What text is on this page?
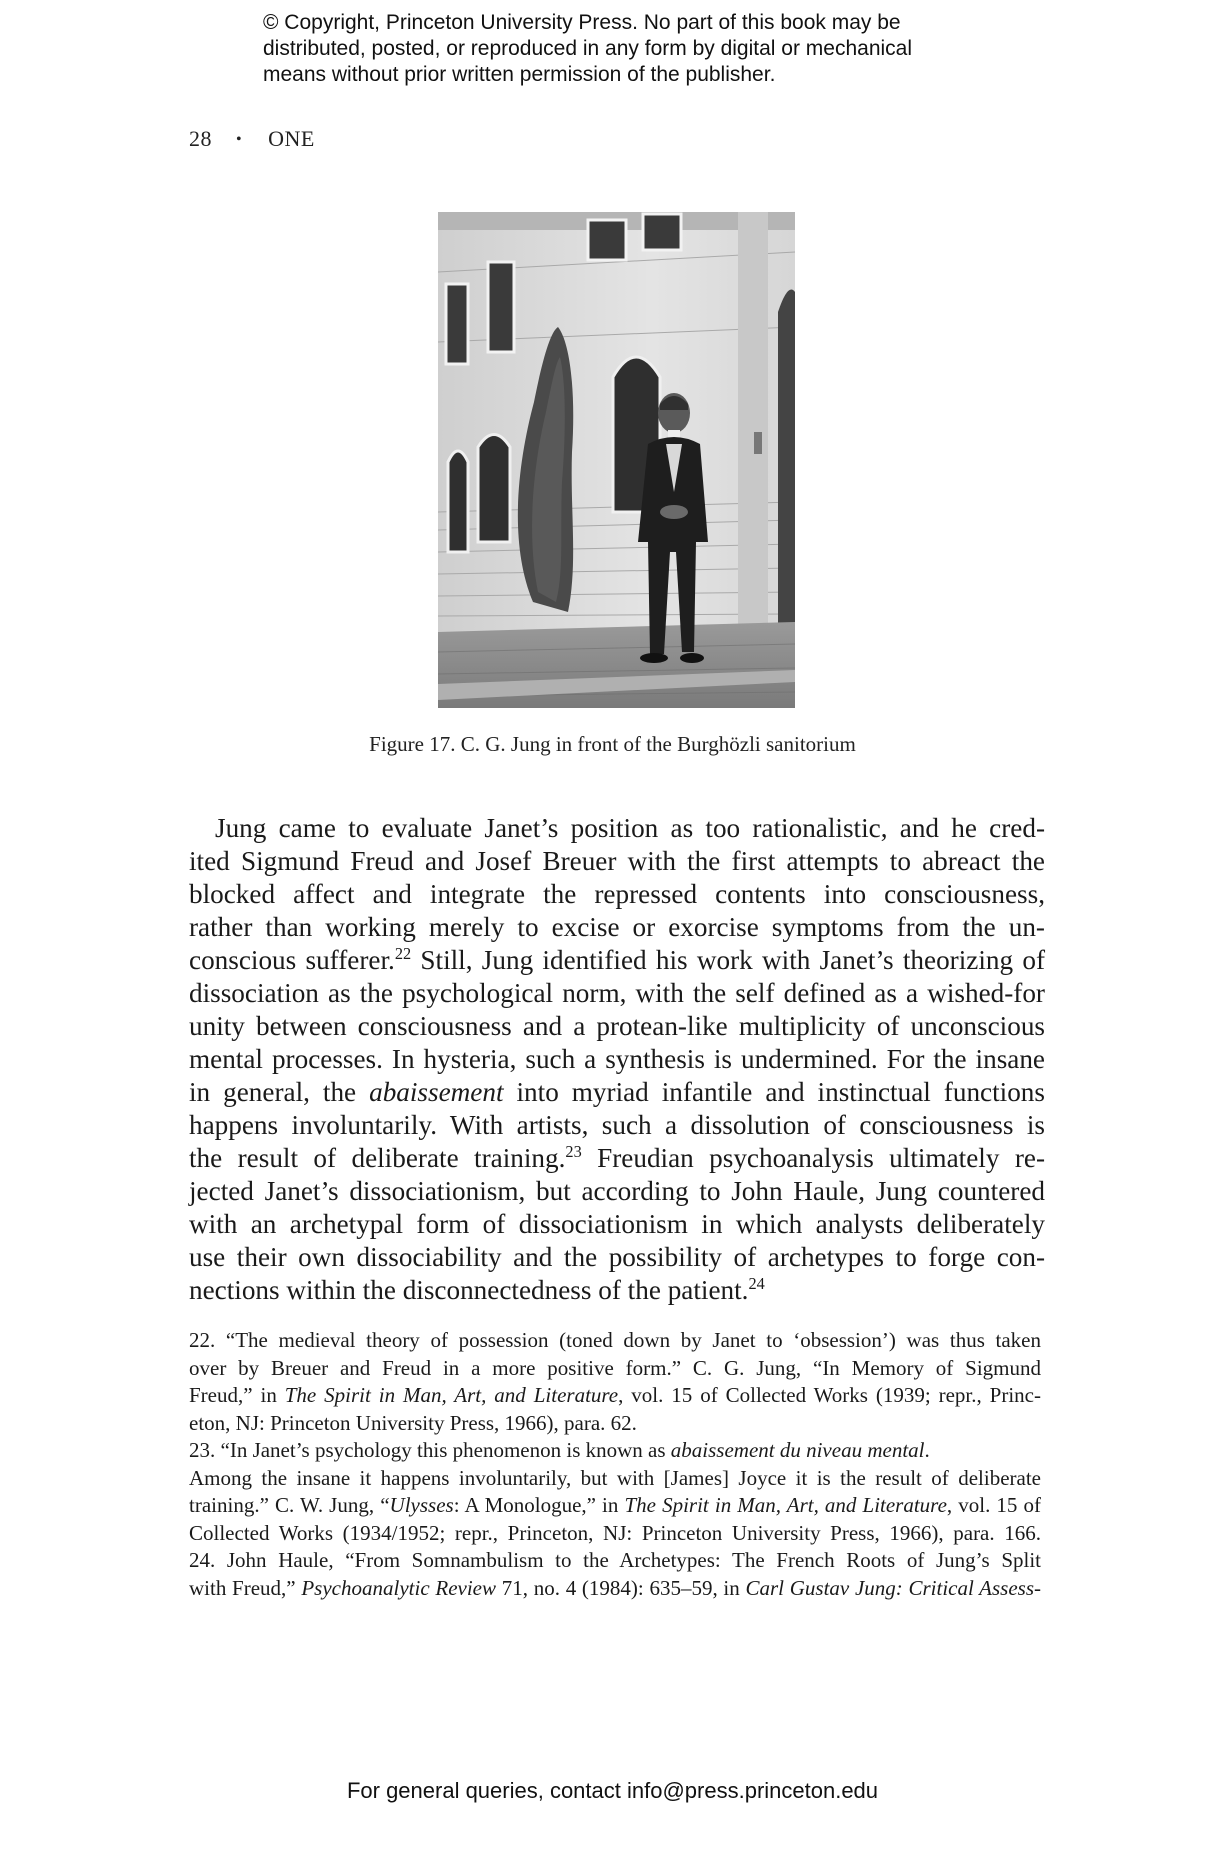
© Copyright, Princeton University Press. No part of this book may be
distributed, posted, or reproduced in any form by digital or mechanical
means without prior written permission of the publisher.
28 • ONE
Figure 17. C. G. Jung in front of the Burghözli sanitorium
Jung came to evaluate Janet’s position as too rationalistic, and he cred-
ited Sigmund Freud and Josef Breuer with the first attempts to abreact the
blocked affect and integrate the repressed contents into consciousness,
rather than working merely to excise or exorcise symptoms from the un-
conscious sufferer.$^{22}$ Still, Jung identified his work with Janet’s theorizing of
dissociation as the psychological norm, with the self defined as a wished-for
unity between consciousness and a protean-like multiplicity of unconscious
mental processes. In hysteria, such a synthesis is undermined. For the insane
in general, the abaissement into myriad infantile and instinctual functions
happens involuntarily. With artists, such a dissolution of consciousness is
the result of deliberate training.$^{23}$ Freudian psychoanalysis ultimately re-
jected Janet’s dissociationism, but according to John Haule, Jung countered
with an archetypal form of dissociationism in which analysts deliberately
use their own dissociability and the possibility of archetypes to forge con-
nections within the disconnectedness of the patient.$^{24}$
22. “The medieval theory of possession (toned down by Janet to ‘obsession’) was thus taken
over by Breuer and Freud in a more positive form.” C. G. Jung, “In Memory of Sigmund
Freud,” in The Spirit in Man, Art, and Literature, vol. 15 of Collected Works (1939; repr., Princ-
eton, NJ: Princeton University Press, 1966), para. 62.
23. “In Janet’s psychology this phenomenon is known as abaissement du niveau mental.
Among the insane it happens involuntarily, but with [James] Joyce it is the result of deliberate
training.” C. W. Jung, “Ulysses: A Monologue,” in The Spirit in Man, Art, and Literature, vol. 15 of
Collected Works (1934/1952; repr., Princeton, NJ: Princeton University Press, 1966), para. 166.
24. John Haule, “From Somnambulism to the Archetypes: The French Roots of Jung’s Split
with Freud,” Psychoanalytic Review 71, no. 4 (1984): 635–59, in Carl Gustav Jung: Critical Assess-
For general queries, contact info@press.princeton.edu
